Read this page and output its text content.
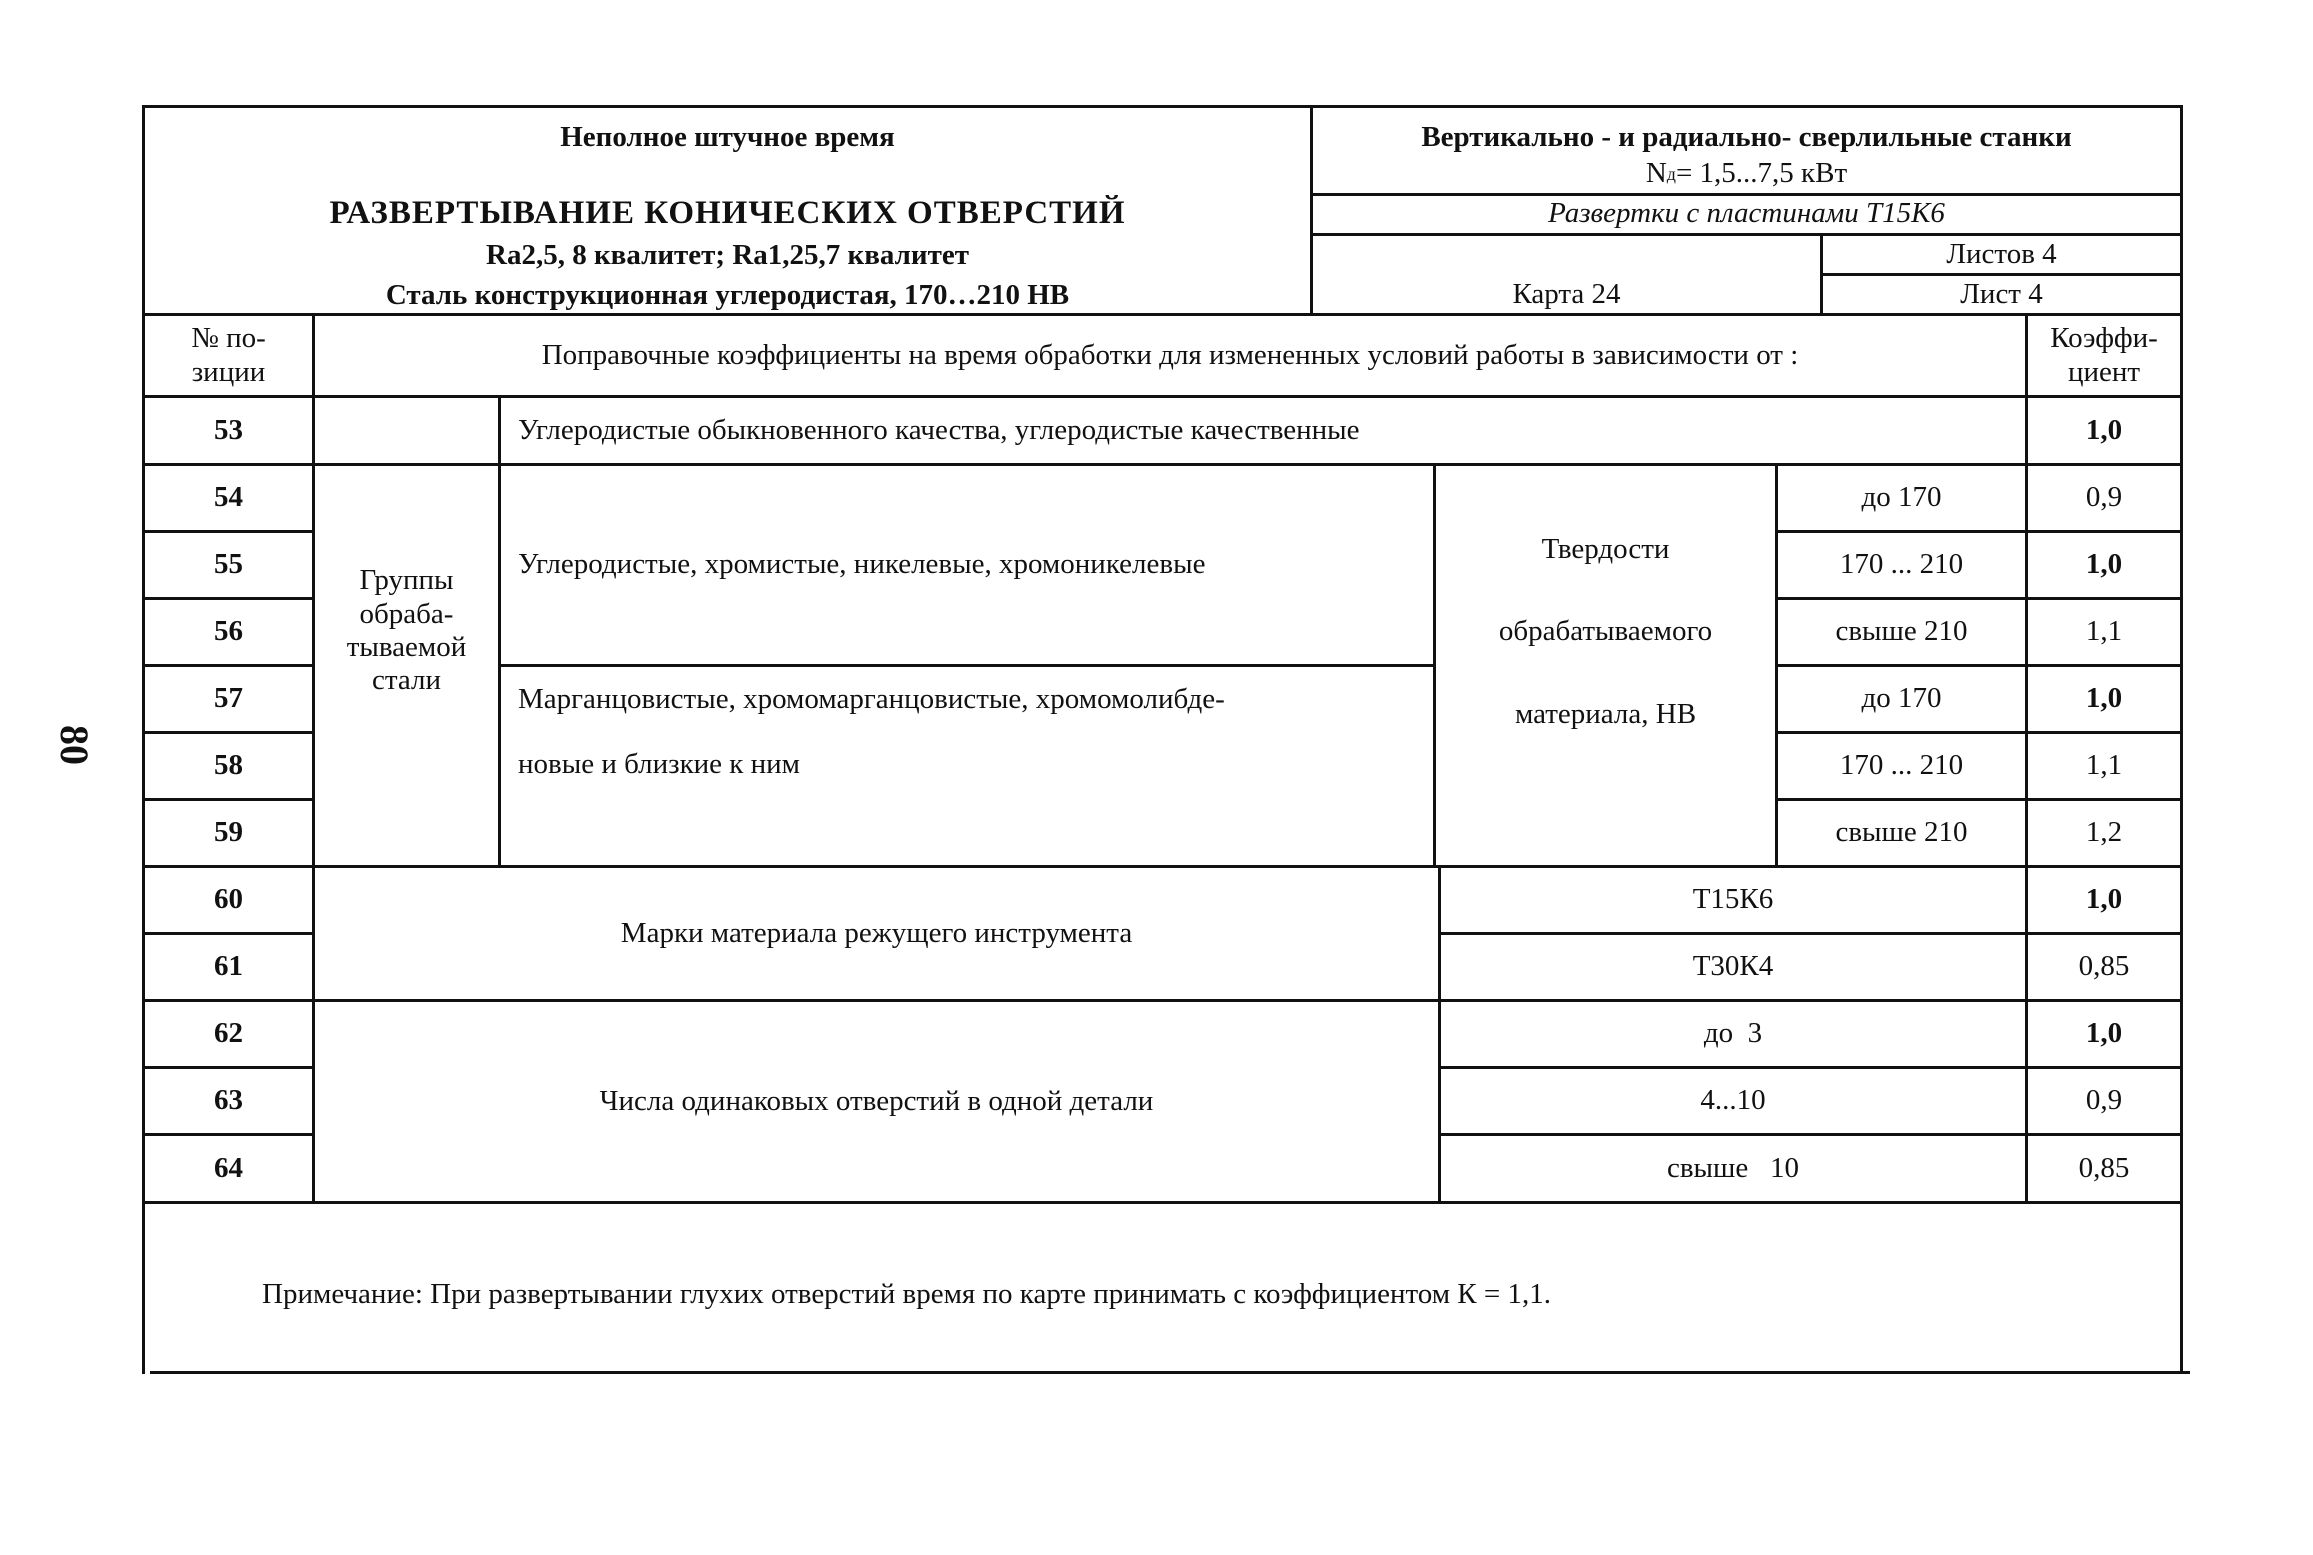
80
Неполное штучное время
РАЗВЕРТЫВАНИЕ КОНИЧЕСКИХ ОТВЕРСТИЙ
Ra2,5, 8 квалитет; Ra1,25,7 квалитет
Сталь конструкционная углеродистая, 170…210 НВ
Вертикально - и радиально- сверлильные станки
N д = 1,5...7,5 кВт
Развертки с пластинами Т15К6
Карта 24
Листов 4
Лист 4
№ по-
зиции
Поправочные коэффициенты на время обработки для измененных условий работы в зависимости от :
Коэффи-
циент
53
54
55
56
57
58
59
60
61
62
63
64
Группы
обраба-
тываемой
стали
Углеродистые обыкновенного качества, углеродистые качественные
Углеродистые, хромистые, никелевые, хромоникелевые
Марганцовистые, хромомарганцовистые, хромомолибде-
новые и близкие к ним
Твердости
обрабатываемого
материала, НВ
Марки материала режущего инструмента
Числа одинаковых отверстий в одной детали
до 170
170 ... 210
свыше 210
до 170
170 ... 210
свыше 210
Т15К6
Т30К4
до  3
4...10
свыше   10
1,0
0,9
1,0
1,1
1,0
1,1
1,2
1,0
0,85
1,0
0,9
0,85
Примечание: При развертывании глухих отверстий время по карте принимать с коэффициентом К = 1,1.
